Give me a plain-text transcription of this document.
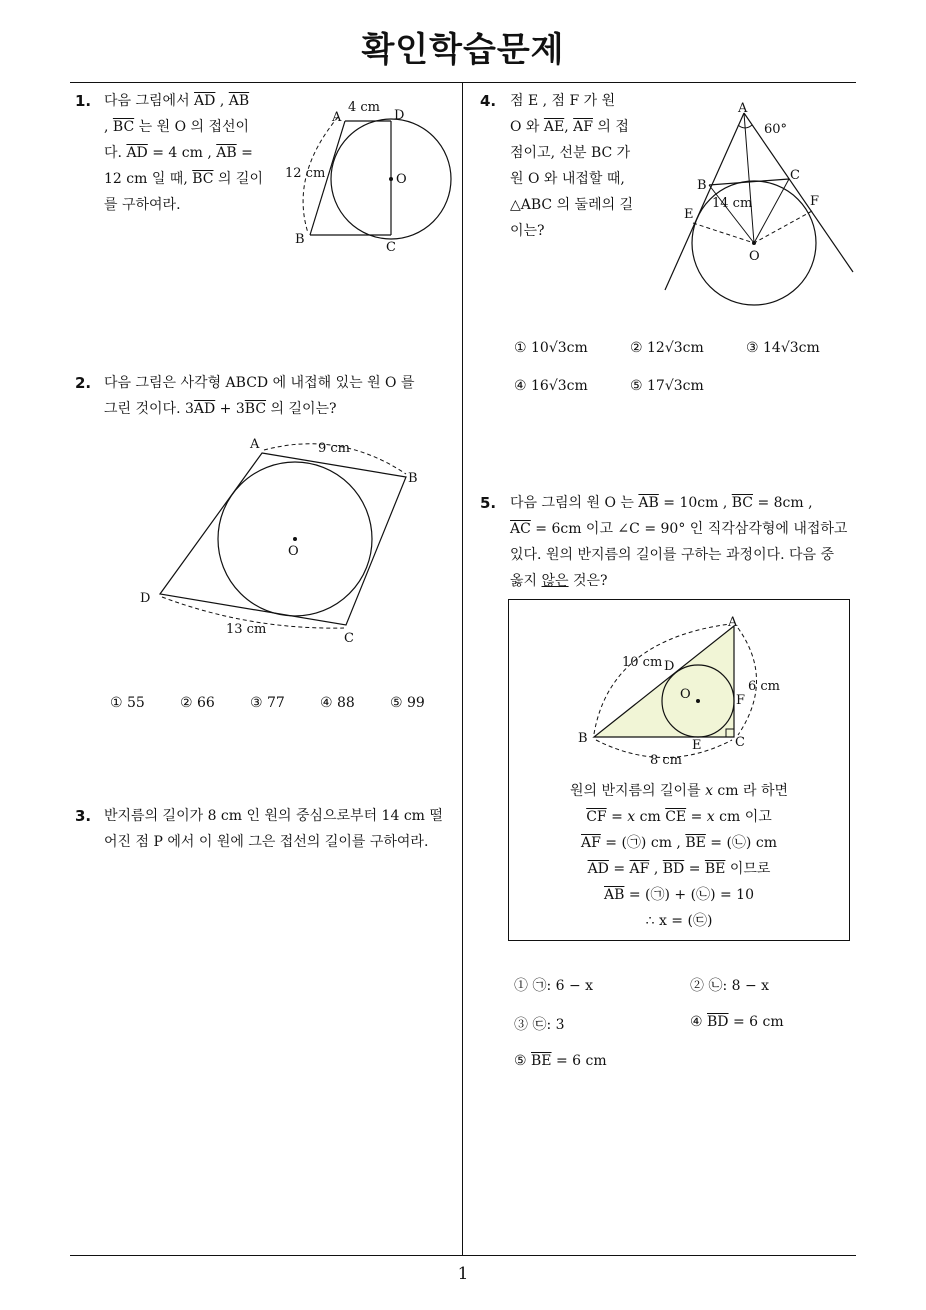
확인학습문제
1
1. 다음 그림에서 $\overline{AD}$ , $\overline{AB}$
, $\overline{BC}$ 는 원 O 의 접선이
다. $\overline{AD} = 4$ cm , $\overline{AB}$ =
12 cm 일 때, $\overline{BC}$ 의 길이
를 구하여라.
A	D
4 cm
12 cm	O
B
C
2. 다음 그림은 사각형 ABCD 에 내접해 있는 원 O 를
그린 것이다. $3\overline{AD} + 3\overline{BC}$ 의 길이는?
A	9 cm
B
O
D
13 cm
C
① 55	② 66	③ 77	④ 88	⑤ 99
3. 반지름의 길이가 8 cm 인 원의 중심으로부터 14 cm 떨
어진 점 P 에서 이 원에 그은 접선의 길이를 구하여라.
4. 점 E , 점 F 가 원
O 와 $\overline{AE}$, $\overline{AF}$ 의 접
점이고, 선분 BC 가
원 O 와 내접할 때,
△ABC 의 둘레의 길
이는?
A
60°
B
C
14 cm
E
F
O
① 10√3cm	② 12√3cm	③ 14√3cm
④ 16√3cm	⑤ 17√3cm
5. 다음 그림의 원 O 는 $\overline{AB} = 10cm$ , $\overline{BC} = 8cm$ ,
$\overline{AC} = 6cm$ 이고 ∠C = 90° 인 직각삼각형에 내접하고
있다. 원의 반지름의 길이를 구하는 과정이다. 다음 중
옳지 않은 것은?
A
10 cm D
O
6 cm
F
B	E	C
8 cm
원의 반지름의 길이를 x cm 라 하면
$\overline{CF} = x$ cm $\overline{CE} = x$ cm 이고
$\overline{AF}$ = (㉠) cm , $\overline{BE}$ = (㉡) cm
$\overline{AD} = \overline{AF}$ , $\overline{BD} = \overline{BE}$ 이므로
$\overline{AB}$ = (㉠) + (㉡) = 10
∴ x = (㉢)
① ㉠: 6 − x	② ㉡: 8 − x
③ ㉢: 3	④ $\overline{BD} = 6$ cm
⑤ $\overline{BE} = 6$ cm
